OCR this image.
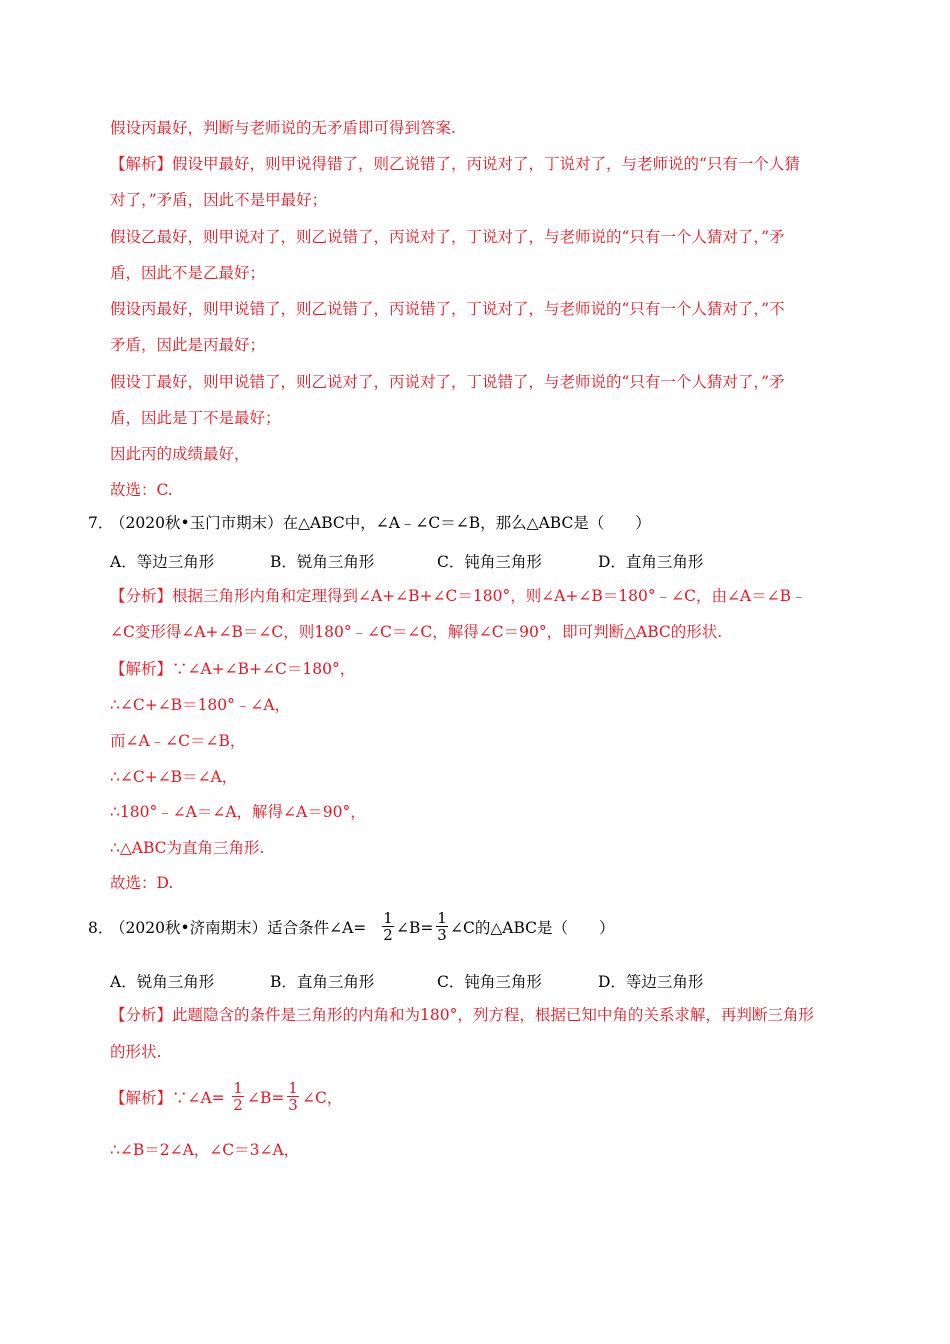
假设丙最好，判断与老师说的无矛盾即可得到答案.
【解析】假设甲最好，则甲说得错了，则乙说错了，丙说对了，丁说对了，与老师说的“只有一个人猜
对了，”矛盾，因此不是甲最好；
假设乙最好，则甲说对了，则乙说错了，丙说对了，丁说对了，与老师说的“只有一个人猜对了，”矛
盾，因此不是乙最好；
假设丙最好，则甲说错了，则乙说错了，丙说错了，丁说对了，与老师说的“只有一个人猜对了，”不
矛盾，因此是丙最好；
假设丁最好，则甲说错了，则乙说对了，丙说对了，丁说错了，与老师说的“只有一个人猜对了，”矛
盾，因此是丁不是最好；
因此丙的成绩最好，
故选：C.
7．
（2020秋•玉门市期末）在△ABC中，∠A﹣∠C＝∠B，那么△ABC是（　　）
A．等边三角形	B．锐角三角形	C．钝角三角形	D．直角三角形
【分析】根据三角形内角和定理得到∠A+∠B+∠C＝180°，则∠A+∠B＝180°﹣∠C，由∠A＝∠B﹣
∠C变形得∠A+∠B＝∠C，则180°﹣∠C＝∠C，解得∠C＝90°，即可判断△ABC的形状.
【解析】∵∠A+∠B+∠C＝180°，
∴∠C+∠B＝180°﹣∠A，
而∠A﹣∠C＝∠B，
∴∠C+∠B＝∠A，
∴180°﹣∠A＝∠A，解得∠A＝90°，
∴△ABC为直角三角形.
故选：D.
8．
（2020秋•济南期末）适合条件∠A= $\frac{1}{2}$ ∠B= $\frac{1}{3}$ ∠C的△ABC是（　　）
A．锐角三角形	B．直角三角形	C．钝角三角形	D．等边三角形
【分析】此题隐含的条件是三角形的内角和为180°，列方程，根据已知中角的关系求解，再判断三角形
的形状.
【解析】∵∠A= $\frac{1}{2}$ ∠B= $\frac{1}{3}$ ∠C，
∴∠B＝2∠A，∠C＝3∠A，
